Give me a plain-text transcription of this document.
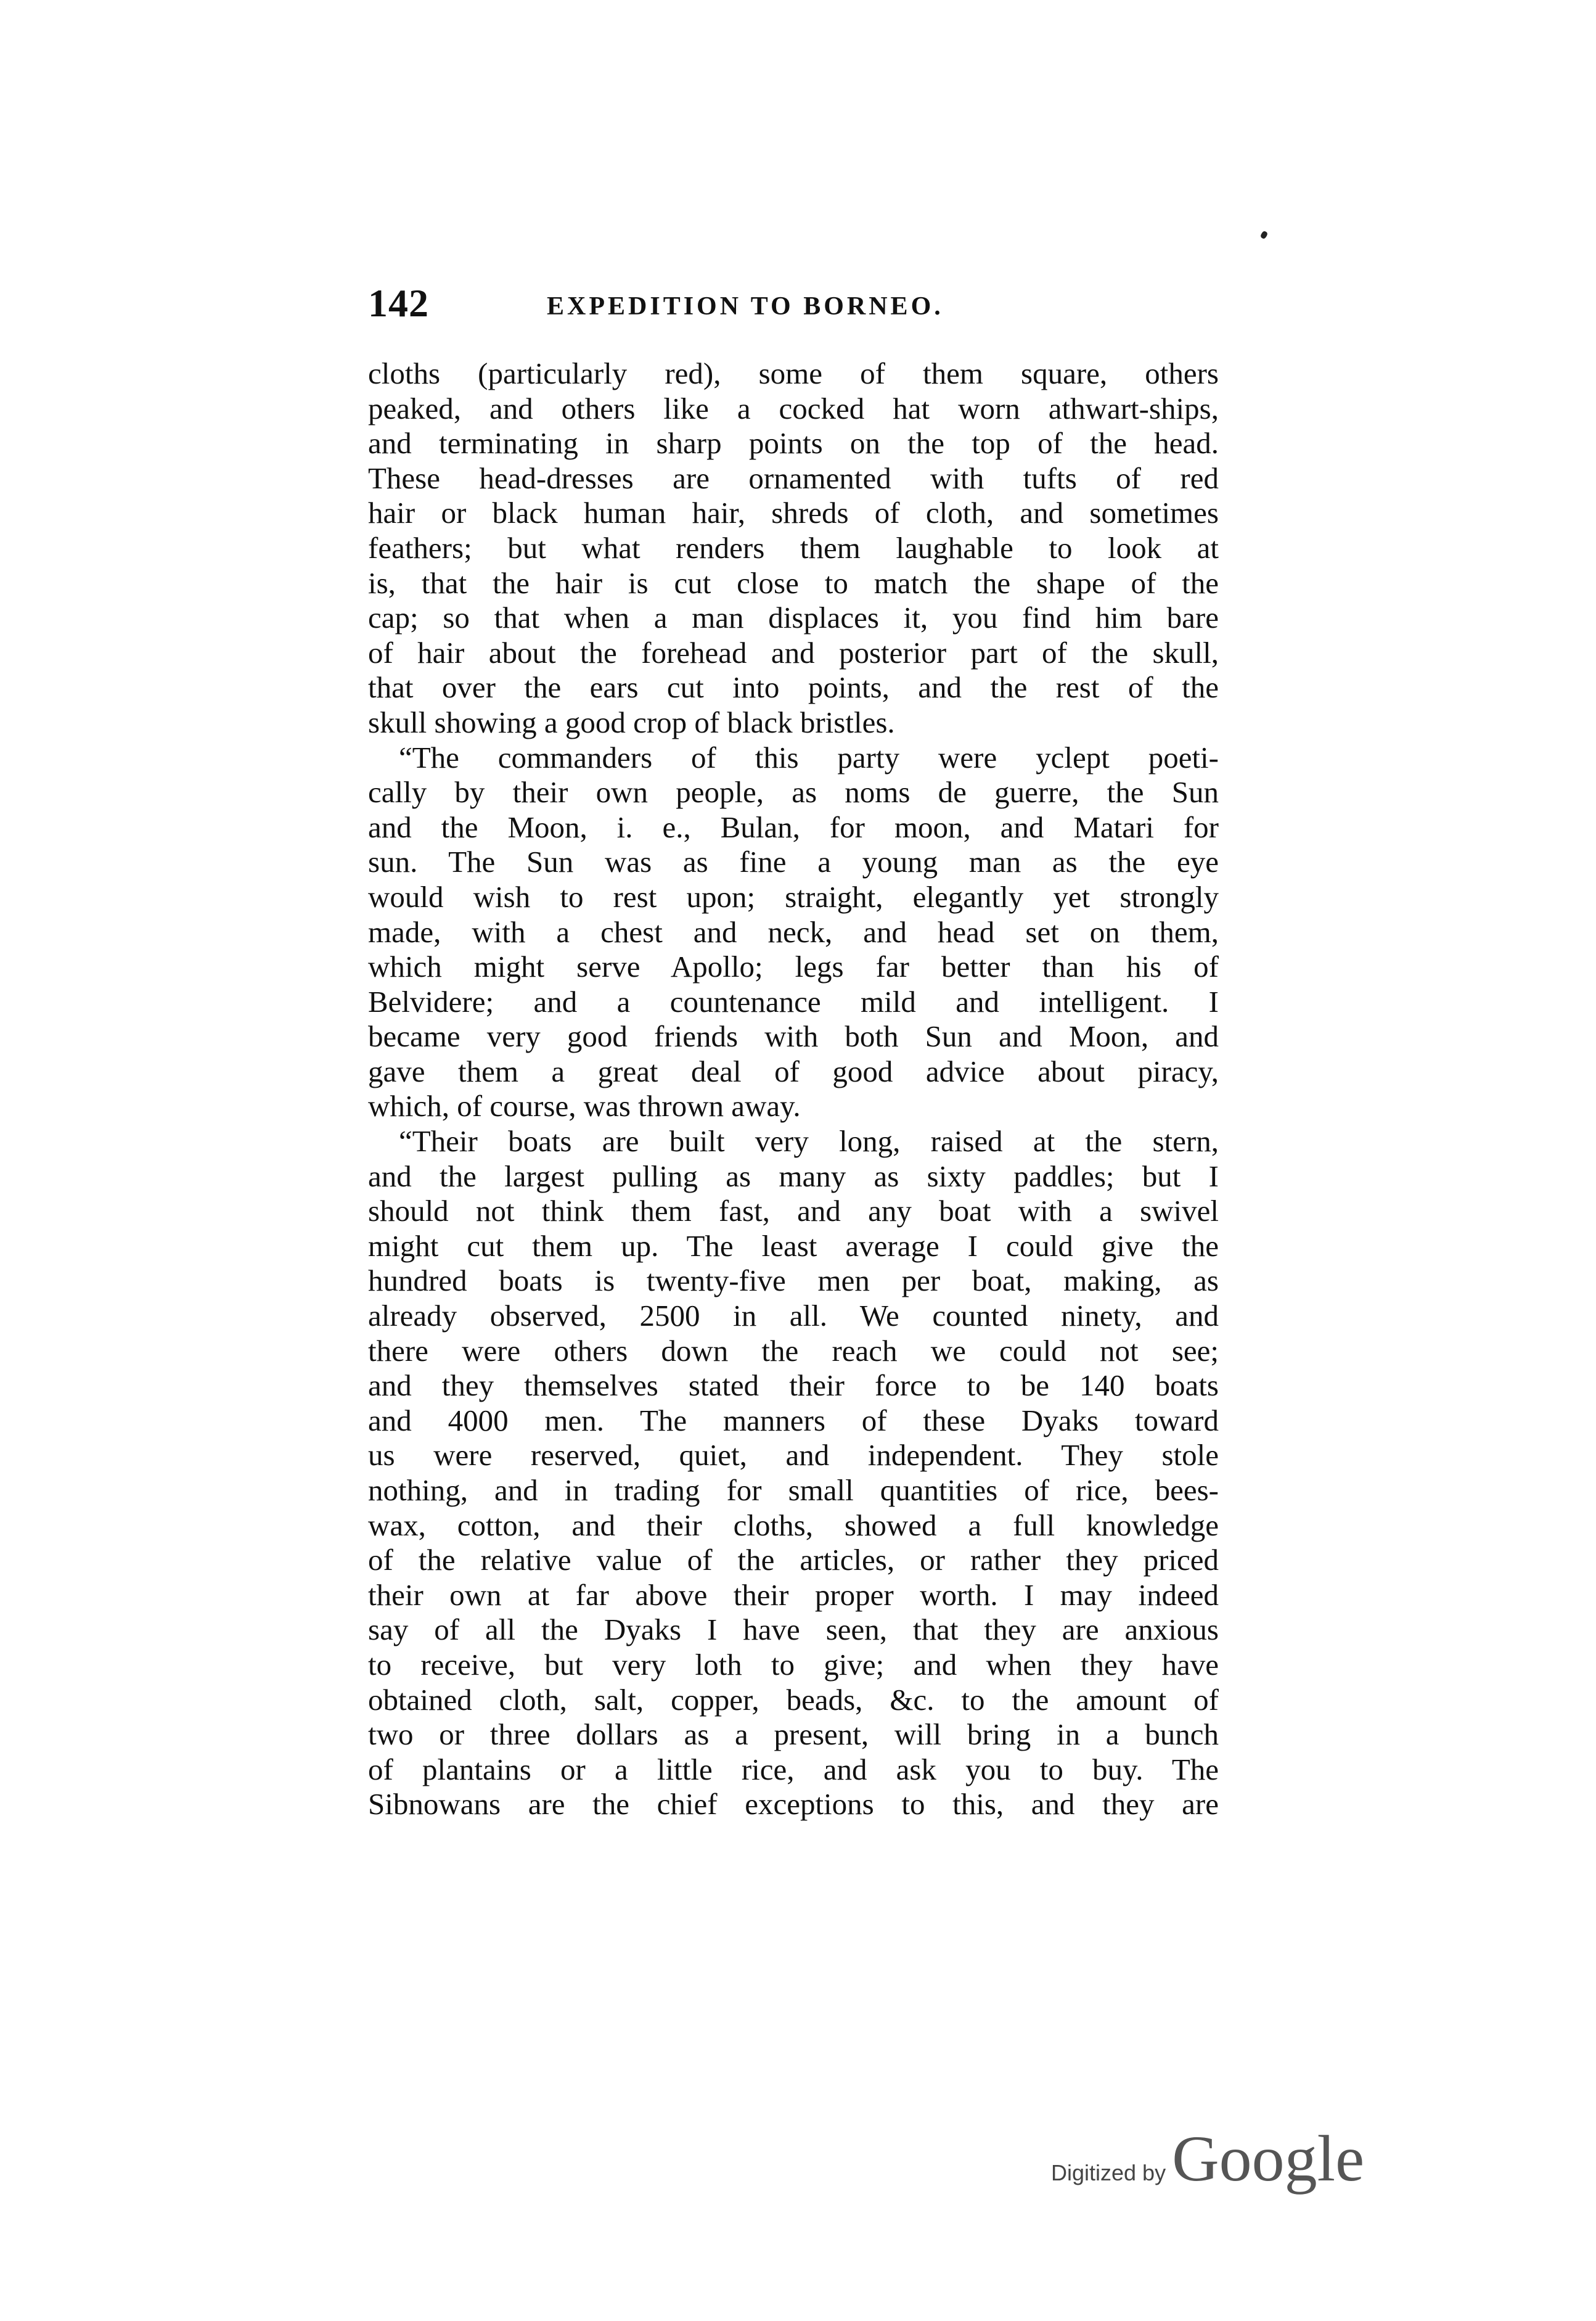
142	EXPEDITION TO BORNEO.
cloths (particularly red), some of them square, others
peaked, and others like a cocked hat worn athwart-ships,
and terminating in sharp points on the top of the head.
These head-dresses are ornamented with tufts of red
hair or black human hair, shreds of cloth, and sometimes
feathers; but what renders them laughable to look at
is, that the hair is cut close to match the shape of the
cap; so that when a man displaces it, you find him bare
of hair about the forehead and posterior part of the skull,
that over the ears cut into points, and the rest of the
skull showing a good crop of black bristles.
“The commanders of this party were yclept poeti-
cally by their own people, as noms de guerre, the Sun
and the Moon, i. e., Bulan, for moon, and Matari for
sun. The Sun was as fine a young man as the eye
would wish to rest upon; straight, elegantly yet strongly
made, with a chest and neck, and head set on them,
which might serve Apollo; legs far better than his of
Belvidere; and a countenance mild and intelligent. I
became very good friends with both Sun and Moon, and
gave them a great deal of good advice about piracy,
which, of course, was thrown away.
“Their boats are built very long, raised at the stern,
and the largest pulling as many as sixty paddles; but I
should not think them fast, and any boat with a swivel
might cut them up. The least average I could give the
hundred boats is twenty-five men per boat, making, as
already observed, 2500 in all. We counted ninety, and
there were others down the reach we could not see;
and they themselves stated their force to be 140 boats
and 4000 men. The manners of these Dyaks toward
us were reserved, quiet, and independent. They stole
nothing, and in trading for small quantities of rice, bees-
wax, cotton, and their cloths, showed a full knowledge
of the relative value of the articles, or rather they priced
their own at far above their proper worth. I may indeed
say of all the Dyaks I have seen, that they are anxious
to receive, but very loth to give; and when they have
obtained cloth, salt, copper, beads, &c. to the amount of
two or three dollars as a present, will bring in a bunch
of plantains or a little rice, and ask you to buy. The
Sibnowans are the chief exceptions to this, and they are
Digitized by Google
